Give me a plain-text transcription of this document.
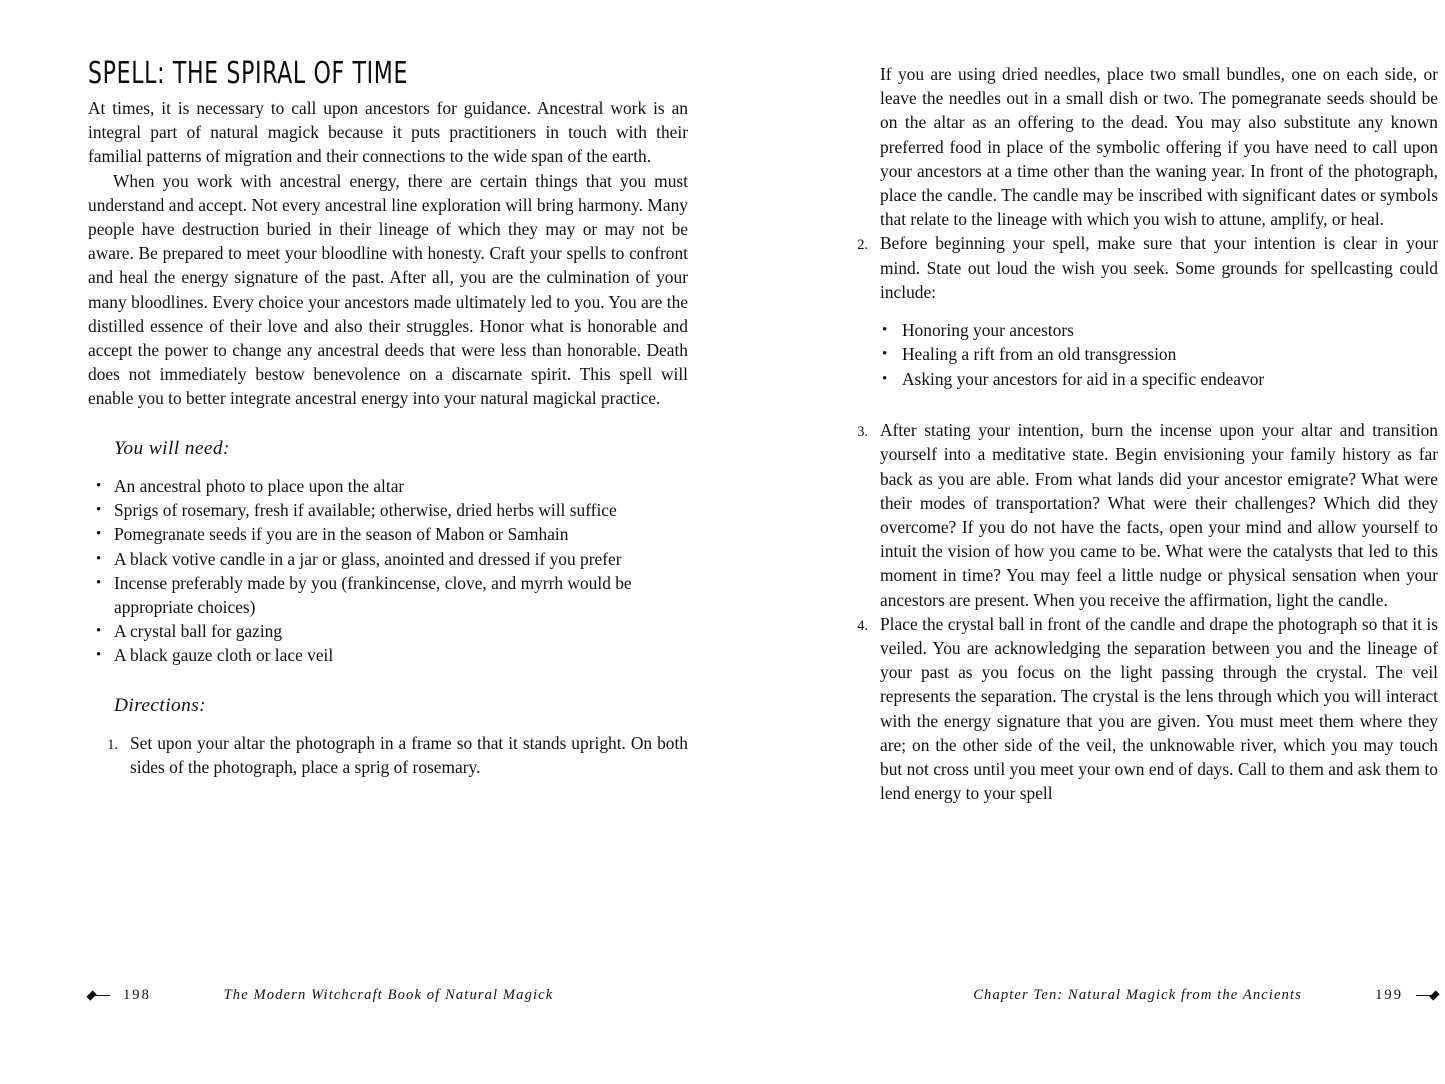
SPELL: THE SPIRAL OF TIME

At times, it is necessary to call upon ancestors for guidance. Ancestral work is an integral part of natural magick because it puts practitioners in touch with their familial patterns of migration and their connections to the wide span of the earth.

When you work with ancestral energy, there are certain things that you must understand and accept. Not every ancestral line exploration will bring harmony. Many people have destruction buried in their lineage of which they may or may not be aware. Be prepared to meet your bloodline with honesty. Craft your spells to confront and heal the energy signature of the past. After all, you are the culmination of your many bloodlines. Every choice your ancestors made ultimately led to you. You are the distilled essence of their love and also their struggles. Honor what is honorable and accept the power to change any ancestral deeds that were less than honorable. Death does not immediately bestow benevolence on a discarnate spirit. This spell will enable you to better integrate ancestral energy into your natural magickal practice.

You will need:
• An ancestral photo to place upon the altar
• Sprigs of rosemary, fresh if available; otherwise, dried herbs will suffice
• Pomegranate seeds if you are in the season of Mabon or Samhain
• A black votive candle in a jar or glass, anointed and dressed if you prefer
• Incense preferably made by you (frankincense, clove, and myrrh would be appropriate choices)
• A crystal ball for gazing
• A black gauze cloth or lace veil
Directions:
1. Set upon your altar the photograph in a frame so that it stands upright. On both sides of the photograph, place a sprig of rosemary.
198	The Modern Witchcraft Book of Natural Magick

If you are using dried needles, place two small bundles, one on each side, or leave the needles out in a small dish or two. The pomegranate seeds should be on the altar as an offering to the dead. You may also substitute any known preferred food in place of the symbolic offering if you have need to call upon your ancestors at a time other than the waning year. In front of the photograph, place the candle. The candle may be inscribed with significant dates or symbols that relate to the lineage with which you wish to attune, amplify, or heal.

2. Before beginning your spell, make sure that your intention is clear in your mind. State out loud the wish you seek. Some grounds for spellcasting could include:
• Honoring your ancestors
• Healing a rift from an old transgression
• Asking your ancestors for aid in a specific endeavor
3. After stating your intention, burn the incense upon your altar and transition yourself into a meditative state. Begin envisioning your family history as far back as you are able. From what lands did your ancestor emigrate? What were their modes of transportation? What were their challenges? Which did they overcome? If you do not have the facts, open your mind and allow yourself to intuit the vision of how you came to be. What were the catalysts that led to this moment in time? You may feel a little nudge or physical sensation when your ancestors are present. When you receive the affirmation, light the candle.
4. Place the crystal ball in front of the candle and drape the photograph so that it is veiled. You are acknowledging the separation between you and the lineage of your past as you focus on the light passing through the crystal. The veil represents the separation. The crystal is the lens through which you will interact with the energy signature that you are given. You must meet them where they are; on the other side of the veil, the unknowable river, which you may touch but not cross until you meet your own end of days. Call to them and ask them to lend energy to your spell
Chapter Ten: Natural Magick from the Ancients	199
